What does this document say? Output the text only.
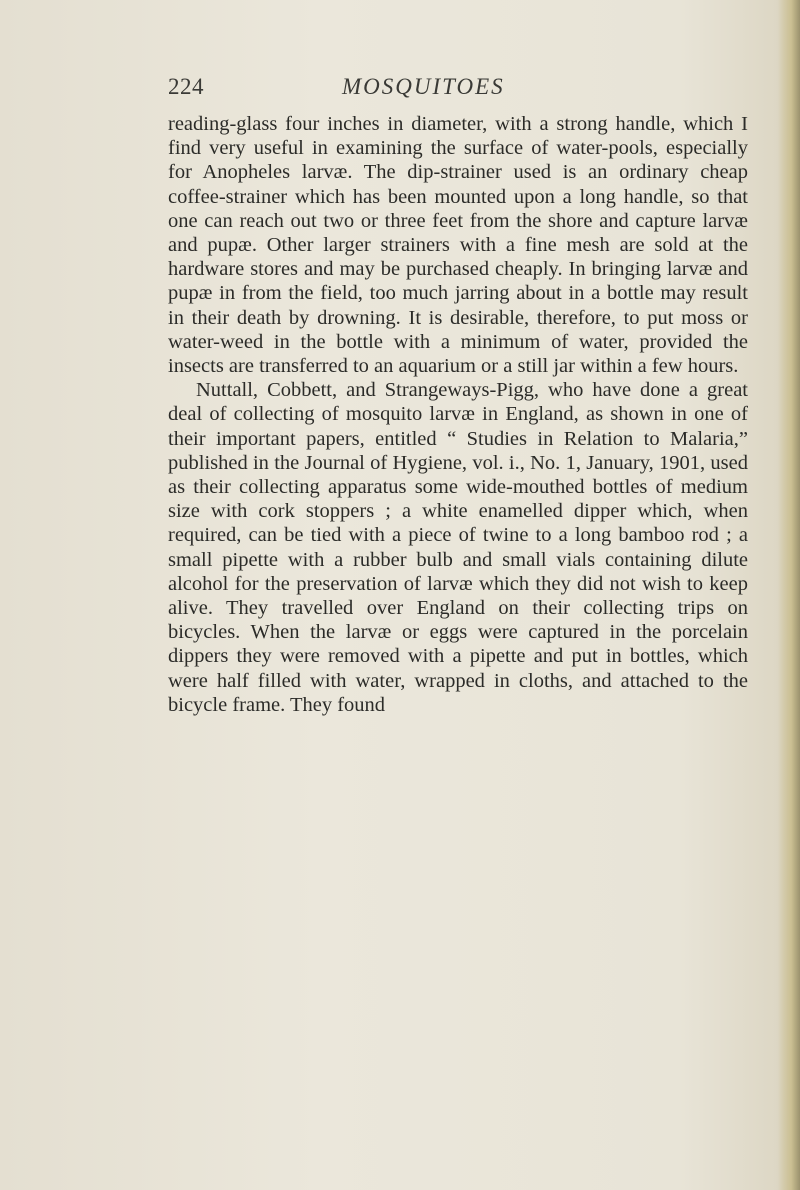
224	MOSQUITOES

reading-glass four inches in diameter, with a strong handle, which I find very useful in examining the surface of water-pools, especially for Anopheles larvæ. The dip-strainer used is an ordinary cheap coffee-strainer which has been mounted upon a long handle, so that one can reach out two or three feet from the shore and capture larvæ and pupæ. Other larger strainers with a fine mesh are sold at the hardware stores and may be purchased cheaply. In bringing larvæ and pupæ in from the field, too much jarring about in a bottle may result in their death by drowning. It is desirable, therefore, to put moss or water-weed in the bottle with a minimum of water, provided the insects are transferred to an aquarium or a still jar within a few hours.

Nuttall, Cobbett, and Strangeways-Pigg, who have done a great deal of collecting of mosquito larvæ in England, as shown in one of their important papers, entitled “ Studies in Relation to Malaria,” published in the Journal of Hygiene, vol. i., No. 1, January, 1901, used as their collecting apparatus some wide-mouthed bottles of medium size with cork stoppers ; a white enamelled dipper which, when required, can be tied with a piece of twine to a long bamboo rod ; a small pipette with a rubber bulb and small vials containing dilute alcohol for the preservation of larvæ which they did not wish to keep alive. They travelled over England on their collecting trips on bicycles. When the larvæ or eggs were captured in the porcelain dippers they were removed with a pipette and put in bottles, which were half filled with water, wrapped in cloths, and attached to the bicycle frame. They found
